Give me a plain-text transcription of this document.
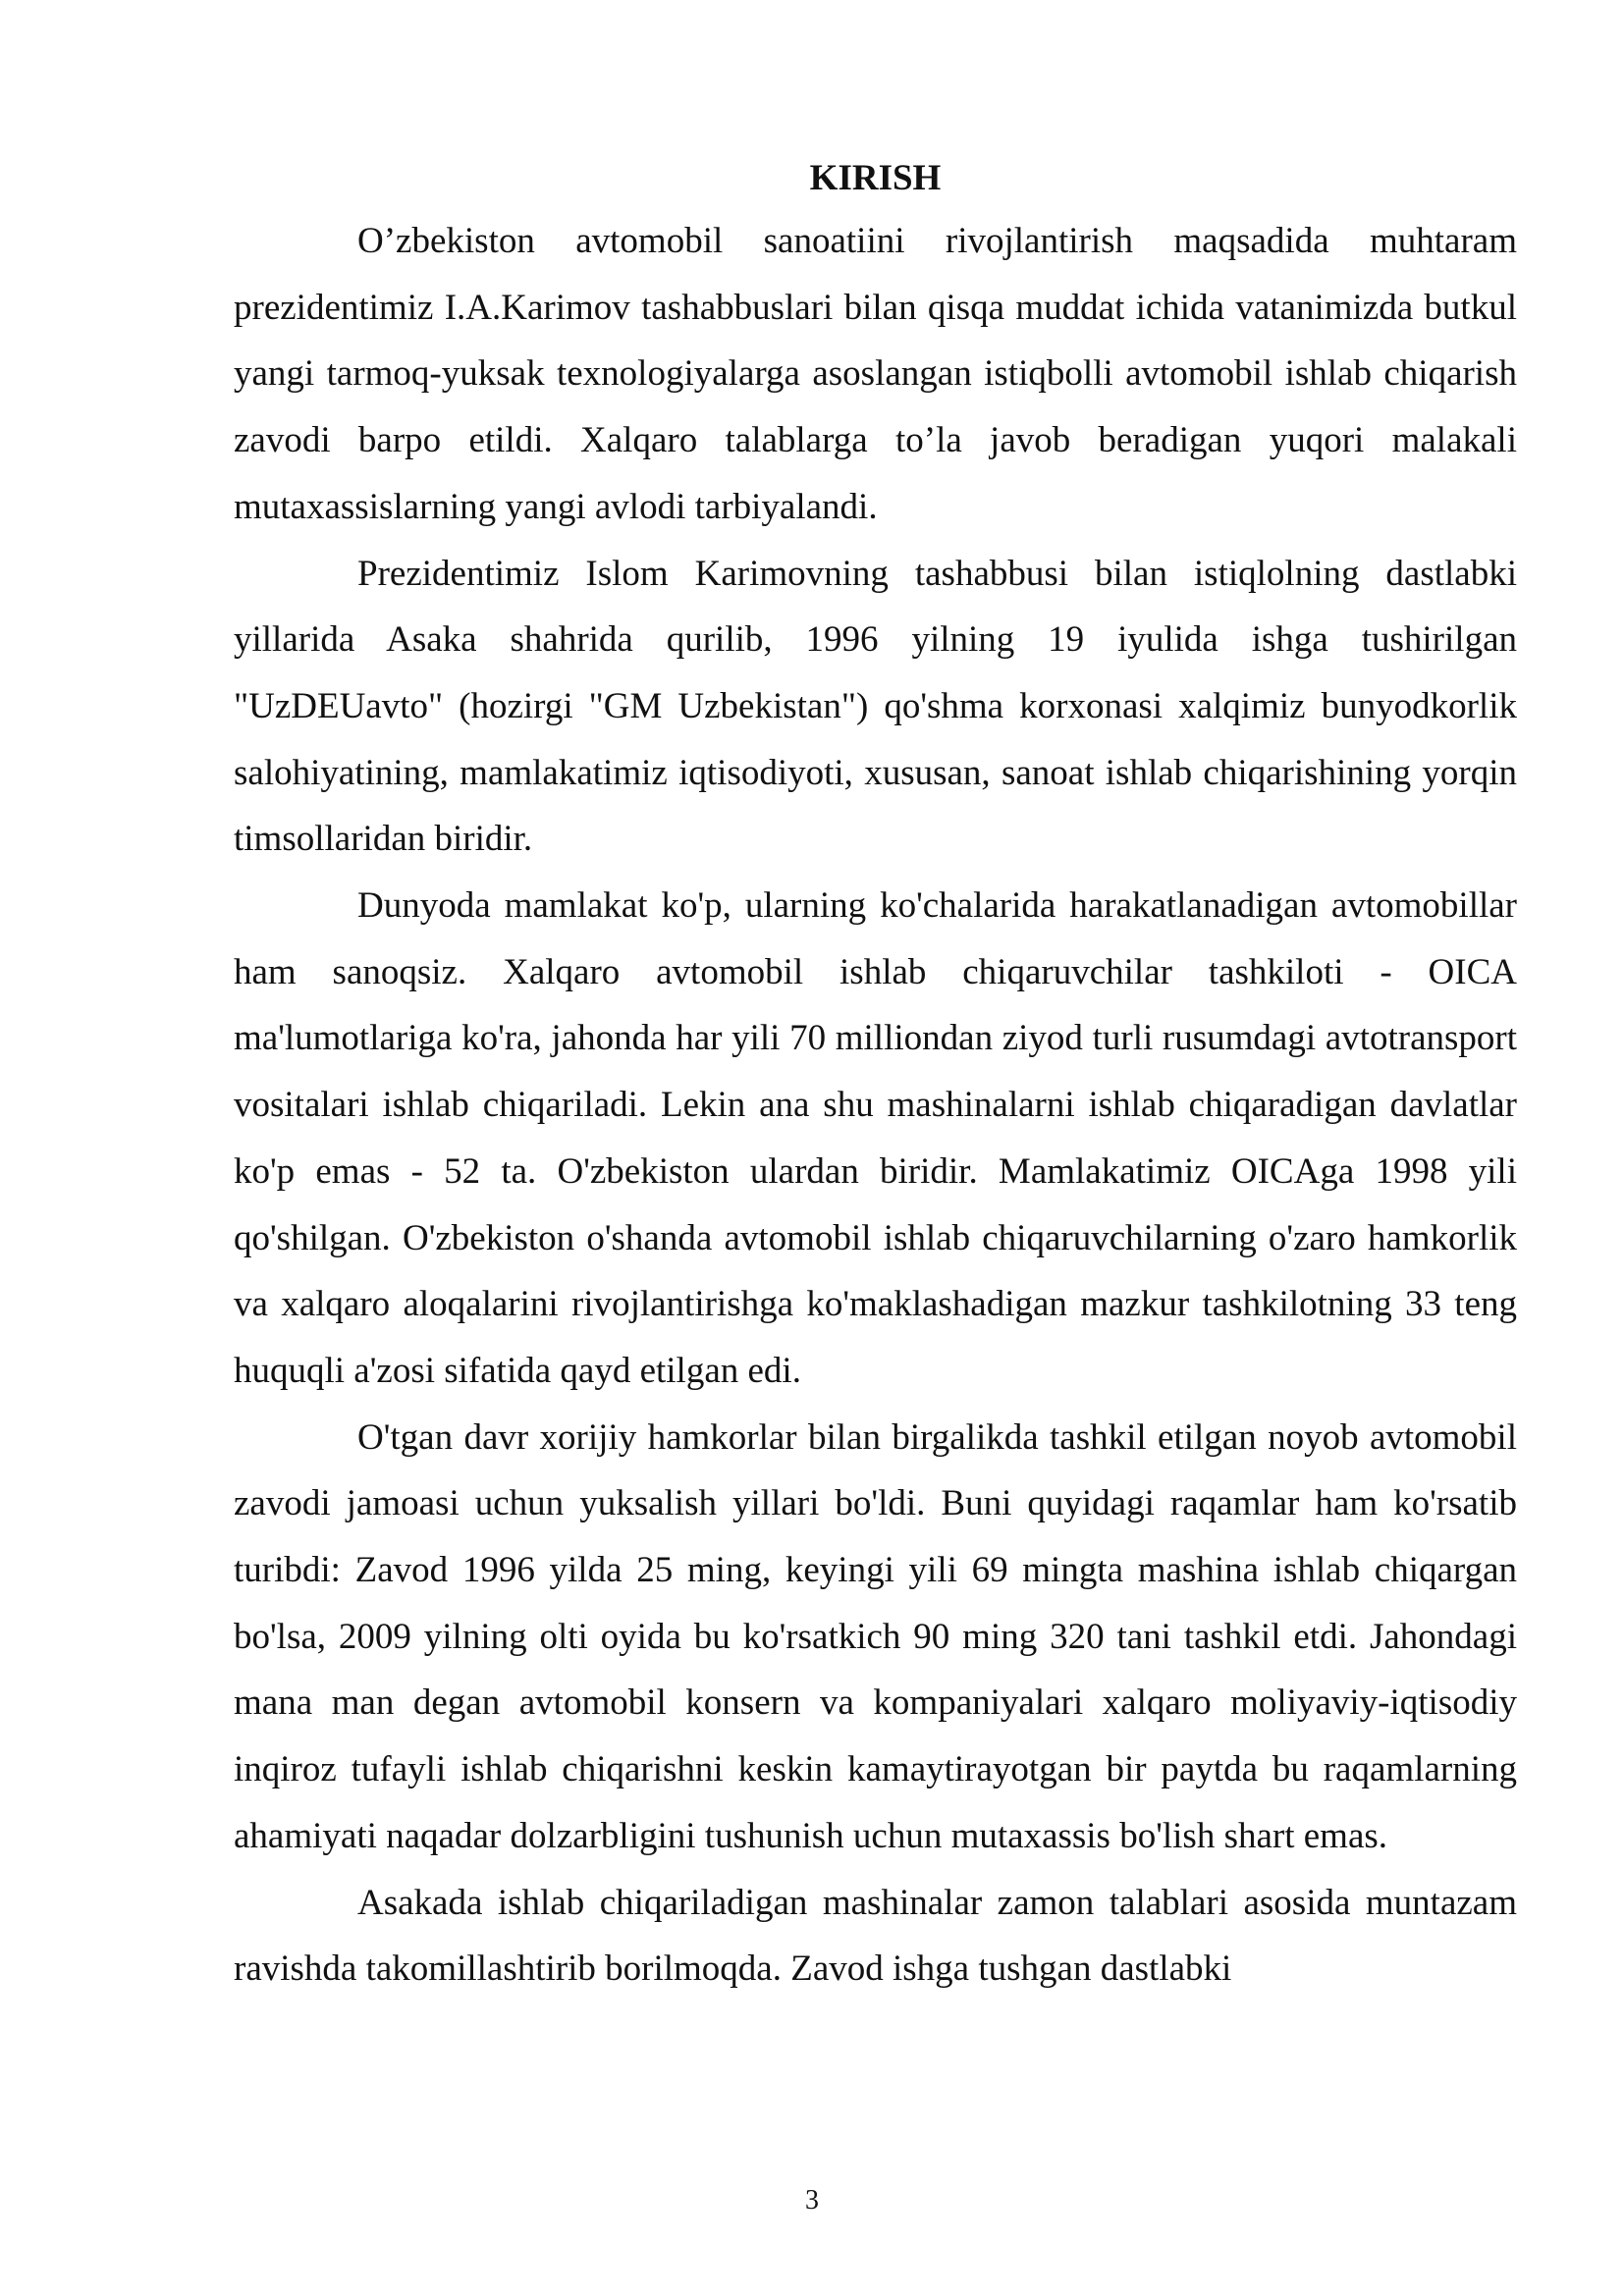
KIRISH

O’zbekiston avtomobil sanoatiini rivojlantirish maqsadida muhtaram prezidentimiz I.A.Karimov tashabbuslari bilan qisqa muddat ichida vatanimizda butkul yangi tarmoq-yuksak texnologiyalarga asoslangan istiqbolli avtomobil ishlab chiqarish zavodi barpo etildi. Xalqaro talablarga to’la javob beradigan yuqori malakali mutaxassislarning yangi avlodi tarbiyalandi.

Prezidentimiz Islom Karimovning tashabbusi bilan istiqlolning dastlabki yillarida Asaka shahrida qurilib, 1996 yilning 19 iyulida ishga tushirilgan "UzDEUavto" (hozirgi "GM Uzbekistan") qo'shma korxonasi xalqimiz bunyodkorlik salohiyatining, mamlakatimiz iqtisodiyoti, xususan, sanoat ishlab chiqarishining yorqin timsollaridan biridir.

Dunyoda mamlakat ko'p, ularning ko'chalarida harakatlanadigan avtomobillar ham sanoqsiz. Xalqaro avtomobil ishlab chiqaruvchilar tashkiloti - OICA ma'lumotlariga ko'ra, jahonda har yili 70 milliondan ziyod turli rusumdagi avtotransport vositalari ishlab chiqariladi. Lekin ana shu mashinalarni ishlab chiqaradigan davlatlar ko'p emas - 52 ta. O'zbekiston ulardan biridir. Mamlakatimiz OICAga 1998 yili qo'shilgan. O'zbekiston o'shanda avtomobil ishlab chiqaruvchilarning o'zaro hamkorlik va xalqaro aloqalarini rivojlantirishga ko'maklashadigan mazkur tashkilotning 33 teng huquqli a'zosi sifatida qayd etilgan edi.

O'tgan davr xorijiy hamkorlar bilan birgalikda tashkil etilgan noyob avtomobil zavodi jamoasi uchun yuksalish yillari bo'ldi. Buni quyidagi raqamlar ham ko'rsatib turibdi: Zavod 1996 yilda 25 ming, keyingi yili 69 mingta mashina ishlab chiqargan bo'lsa, 2009 yilning olti oyida bu ko'rsatkich 90 ming 320 tani tashkil etdi. Jahondagi mana man degan avtomobil konsern va kompaniyalari xalqaro moliyaviy-iqtisodiy inqiroz tufayli ishlab chiqarishni keskin kamaytirayotgan bir paytda bu raqamlarning ahamiyati naqadar dolzarbligini tushunish uchun mutaxassis bo'lish shart emas.

Asakada ishlab chiqariladigan mashinalar zamon talablari asosida muntazam ravishda takomillashtirib borilmoqda. Zavod ishga tushgan dastlabki

3
